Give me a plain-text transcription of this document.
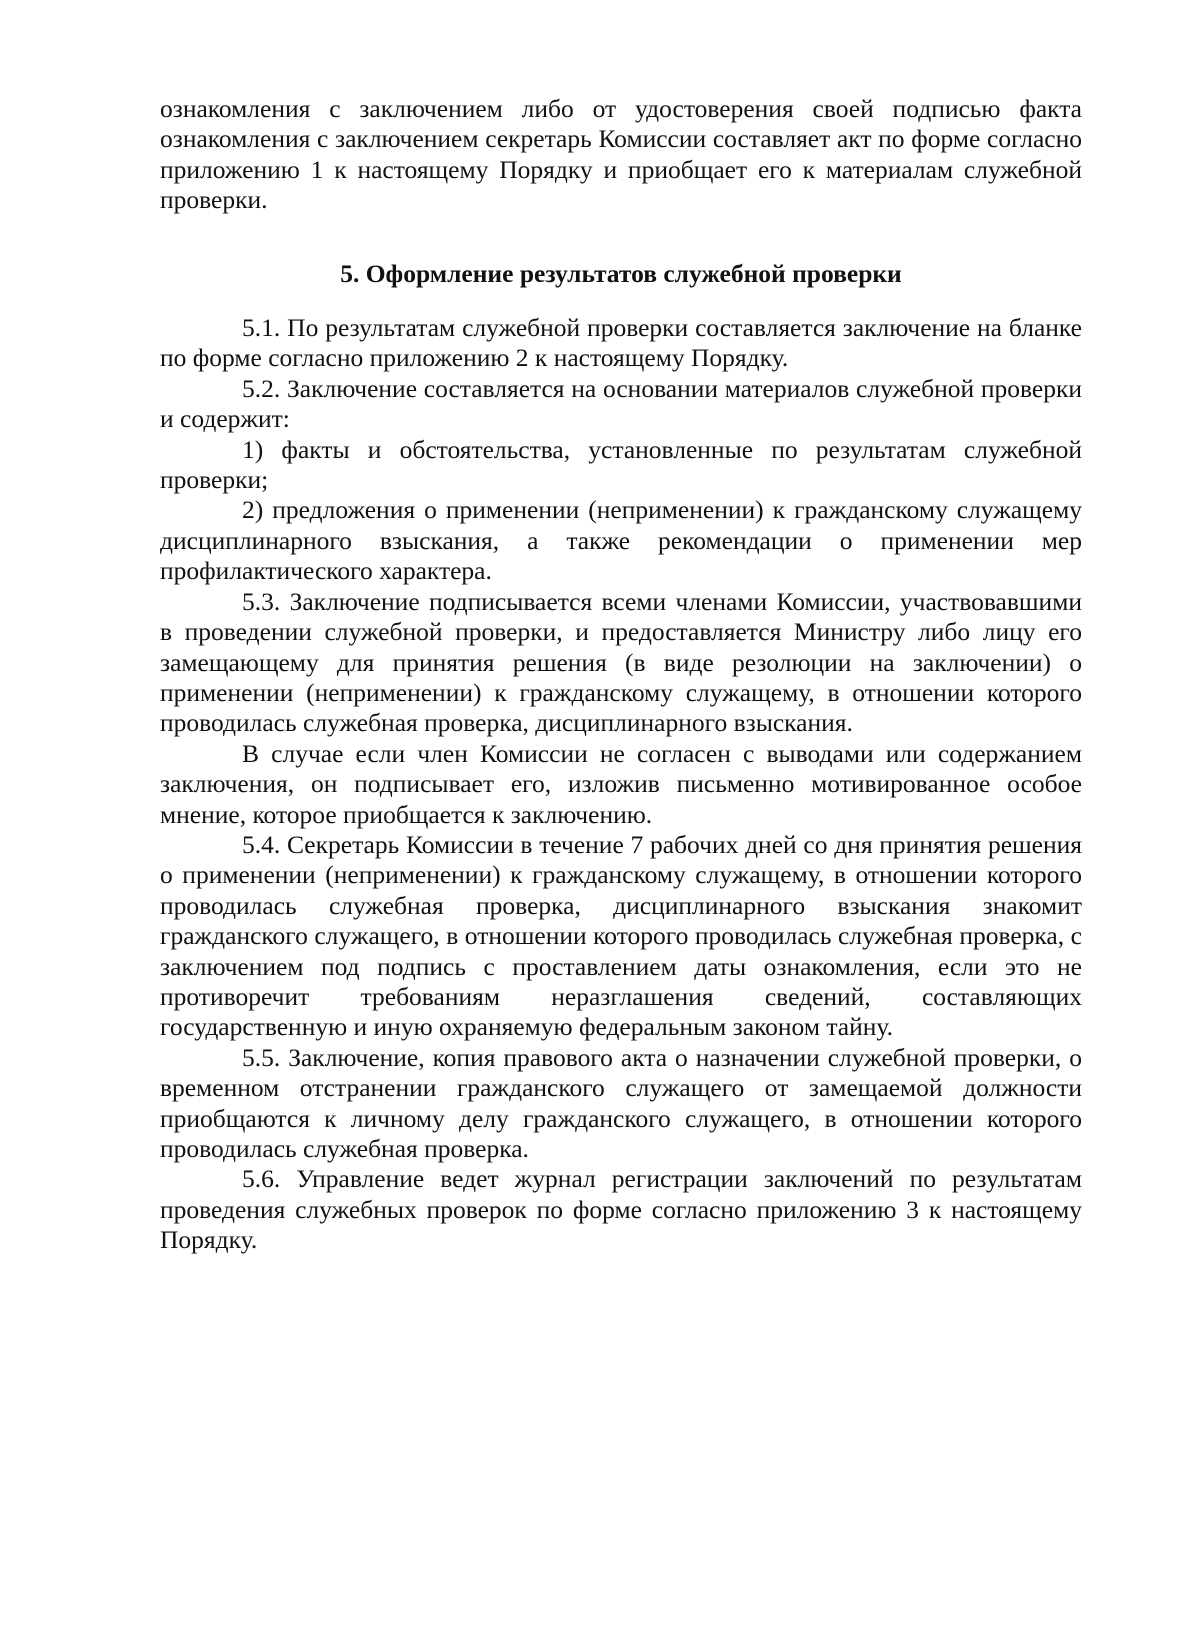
ознакомления с заключением либо от удостоверения своей подписью факта ознакомления с заключением секретарь Комиссии составляет акт по форме согласно приложению 1 к настоящему Порядку и приобщает его к материалам служебной проверки.

5. Оформление результатов служебной проверки

5.1. По результатам служебной проверки составляется заключение на бланке по форме согласно приложению 2 к настоящему Порядку.

5.2. Заключение составляется на основании материалов служебной проверки и содержит:

1) факты и обстоятельства, установленные по результатам служебной проверки;

2) предложения о применении (неприменении) к гражданскому служащему дисциплинарного взыскания, а также рекомендации о применении мер профилактического характера.

5.3. Заключение подписывается всеми членами Комиссии, участвовавшими в проведении служебной проверки, и предоставляется Министру либо лицу его замещающему для принятия решения (в виде резолюции на заключении) о применении (неприменении) к гражданскому служащему, в отношении которого проводилась служебная проверка, дисциплинарного взыскания.

В случае если член Комиссии не согласен с выводами или содержанием заключения, он подписывает его, изложив письменно мотивированное особое мнение, которое приобщается к заключению.

5.4. Секретарь Комиссии в течение 7 рабочих дней со дня принятия решения о применении (неприменении) к гражданскому служащему, в отношении которого проводилась служебная проверка, дисциплинарного взыскания знакомит гражданского служащего, в отношении которого проводилась служебная проверка, с заключением под подпись с проставлением даты ознакомления, если это не противоречит требованиям неразглашения сведений, составляющих государственную и иную охраняемую федеральным законом тайну.

5.5. Заключение, копия правового акта о назначении служебной проверки, о временном отстранении гражданского служащего от замещаемой должности приобщаются к личному делу гражданского служащего, в отношении которого проводилась служебная проверка.

5.6. Управление ведет журнал регистрации заключений по результатам проведения служебных проверок по форме согласно приложению 3 к настоящему Порядку.
